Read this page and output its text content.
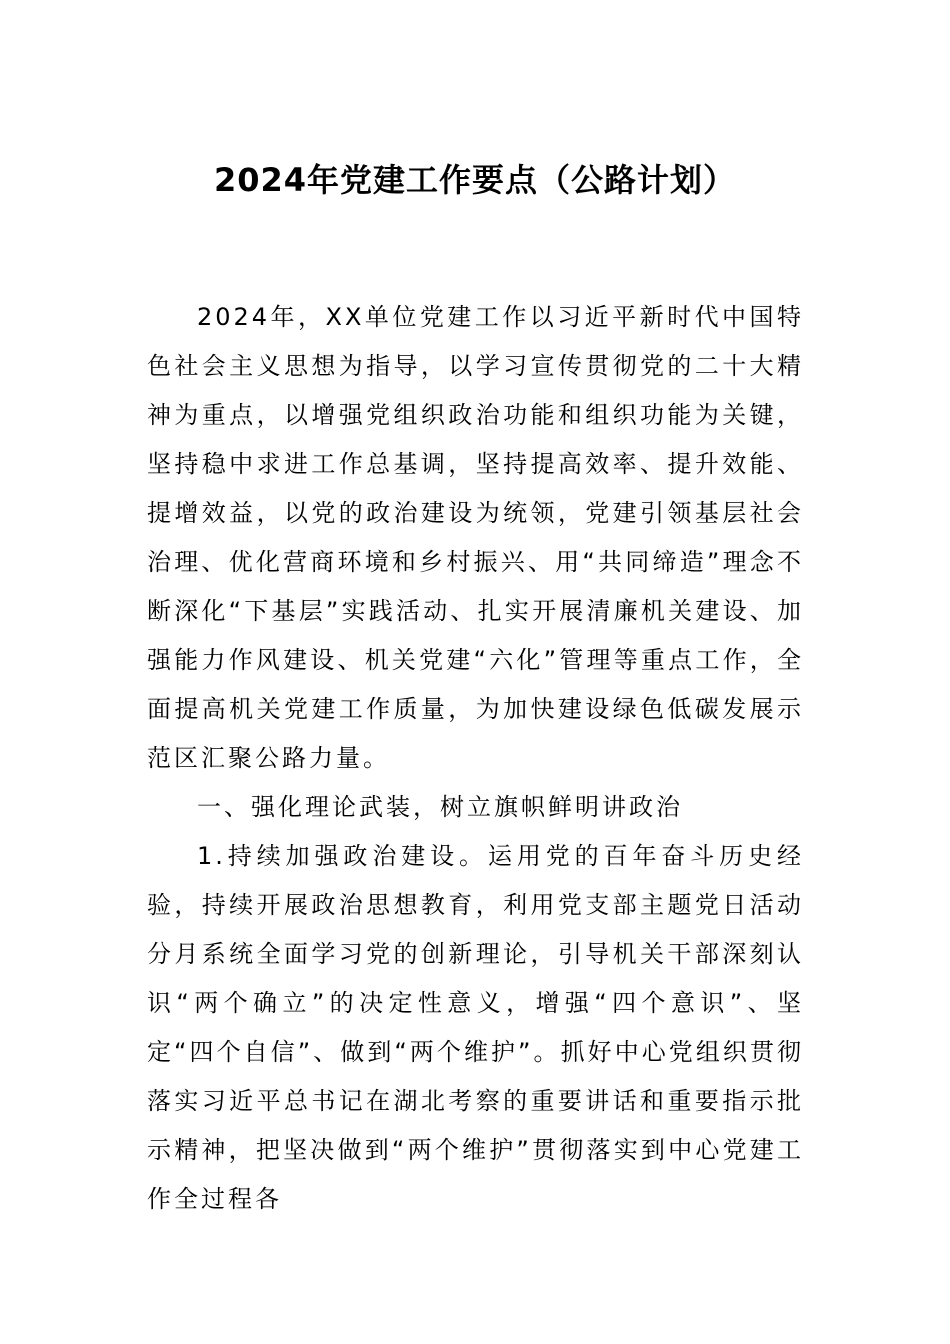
2024年党建工作要点（公路计划）

2024年，XX单位党建工作以习近平新时代中国特色社会主义思想为指导，以学习宣传贯彻党的二十大精神为重点，以增强党组织政治功能和组织功能为关键，坚持稳中求进工作总基调，坚持提高效率、提升效能、提增效益，以党的政治建设为统领，党建引领基层社会治理、优化营商环境和乡村振兴、用“共同缔造”理念不断深化“下基层”实践活动、扎实开展清廉机关建设、加强能力作风建设、机关党建“六化”管理等重点工作，全面提高机关党建工作质量，为加快建设绿色低碳发展示范区汇聚公路力量。

一、强化理论武装，树立旗帜鲜明讲政治

1.持续加强政治建设。运用党的百年奋斗历史经验，持续开展政治思想教育，利用党支部主题党日活动分月系统全面学习党的创新理论，引导机关干部深刻认识“两个确立”的决定性意义，增强“四个意识”、坚定“四个自信”、做到“两个维护”。抓好中心党组织贯彻落实习近平总书记在湖北考察的重要讲话和重要指示批示精神，把坚决做到“两个维护”贯彻落实到中心党建工作全过程各
